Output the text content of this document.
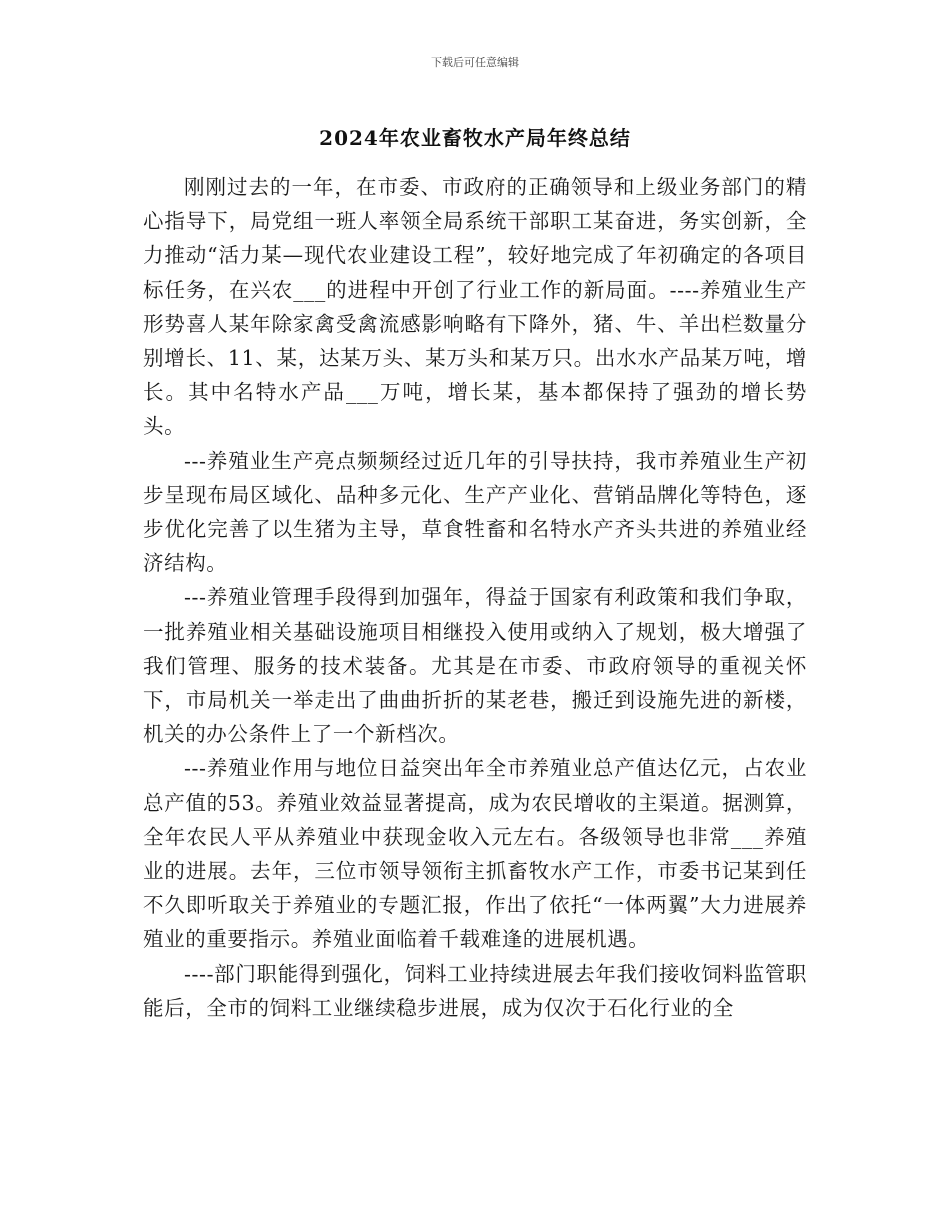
下载后可任意编辑
2024年农业畜牧水产局年终总结

刚刚过去的一年，在市委、市政府的正确领导和上级业务部门的精心指导下，局党组一班人率领全局系统干部职工某奋进，务实创新，全力推动“活力某—现代农业建设工程”，较好地完成了年初确定的各项目标任务，在兴农___的进程中开创了行业工作的新局面。----养殖业生产形势喜人某年除家禽受禽流感影响略有下降外，猪、牛、羊出栏数量分别增长、11、某，达某万头、某万头和某万只。出水水产品某万吨，增长。其中名特水产品___万吨，增长某，基本都保持了强劲的增长势头。

---养殖业生产亮点频频经过近几年的引导扶持，我市养殖业生产初步呈现布局区域化、品种多元化、生产产业化、营销品牌化等特色，逐步优化完善了以生猪为主导，草食牲畜和名特水产齐头共进的养殖业经济结构。

---养殖业管理手段得到加强年，得益于国家有利政策和我们争取，一批养殖业相关基础设施项目相继投入使用或纳入了规划，极大增强了我们管理、服务的技术装备。尤其是在市委、市政府领导的重视关怀下，市局机关一举走出了曲曲折折的某老巷，搬迁到设施先进的新楼，机关的办公条件上了一个新档次。

---养殖业作用与地位日益突出年全市养殖业总产值达亿元，占农业总产值的53。养殖业效益显著提高，成为农民增收的主渠道。据测算，全年农民人平从养殖业中获现金收入元左右。各级领导也非常___养殖业的进展。去年，三位市领导领衔主抓畜牧水产工作，市委书记某到任不久即听取关于养殖业的专题汇报，作出了依托“一体两翼”大力进展养殖业的重要指示。养殖业面临着千载难逢的进展机遇。

----部门职能得到强化，饲料工业持续进展去年我们接收饲料监管职能后，全市的饲料工业继续稳步进展，成为仅次于石化行业的全
